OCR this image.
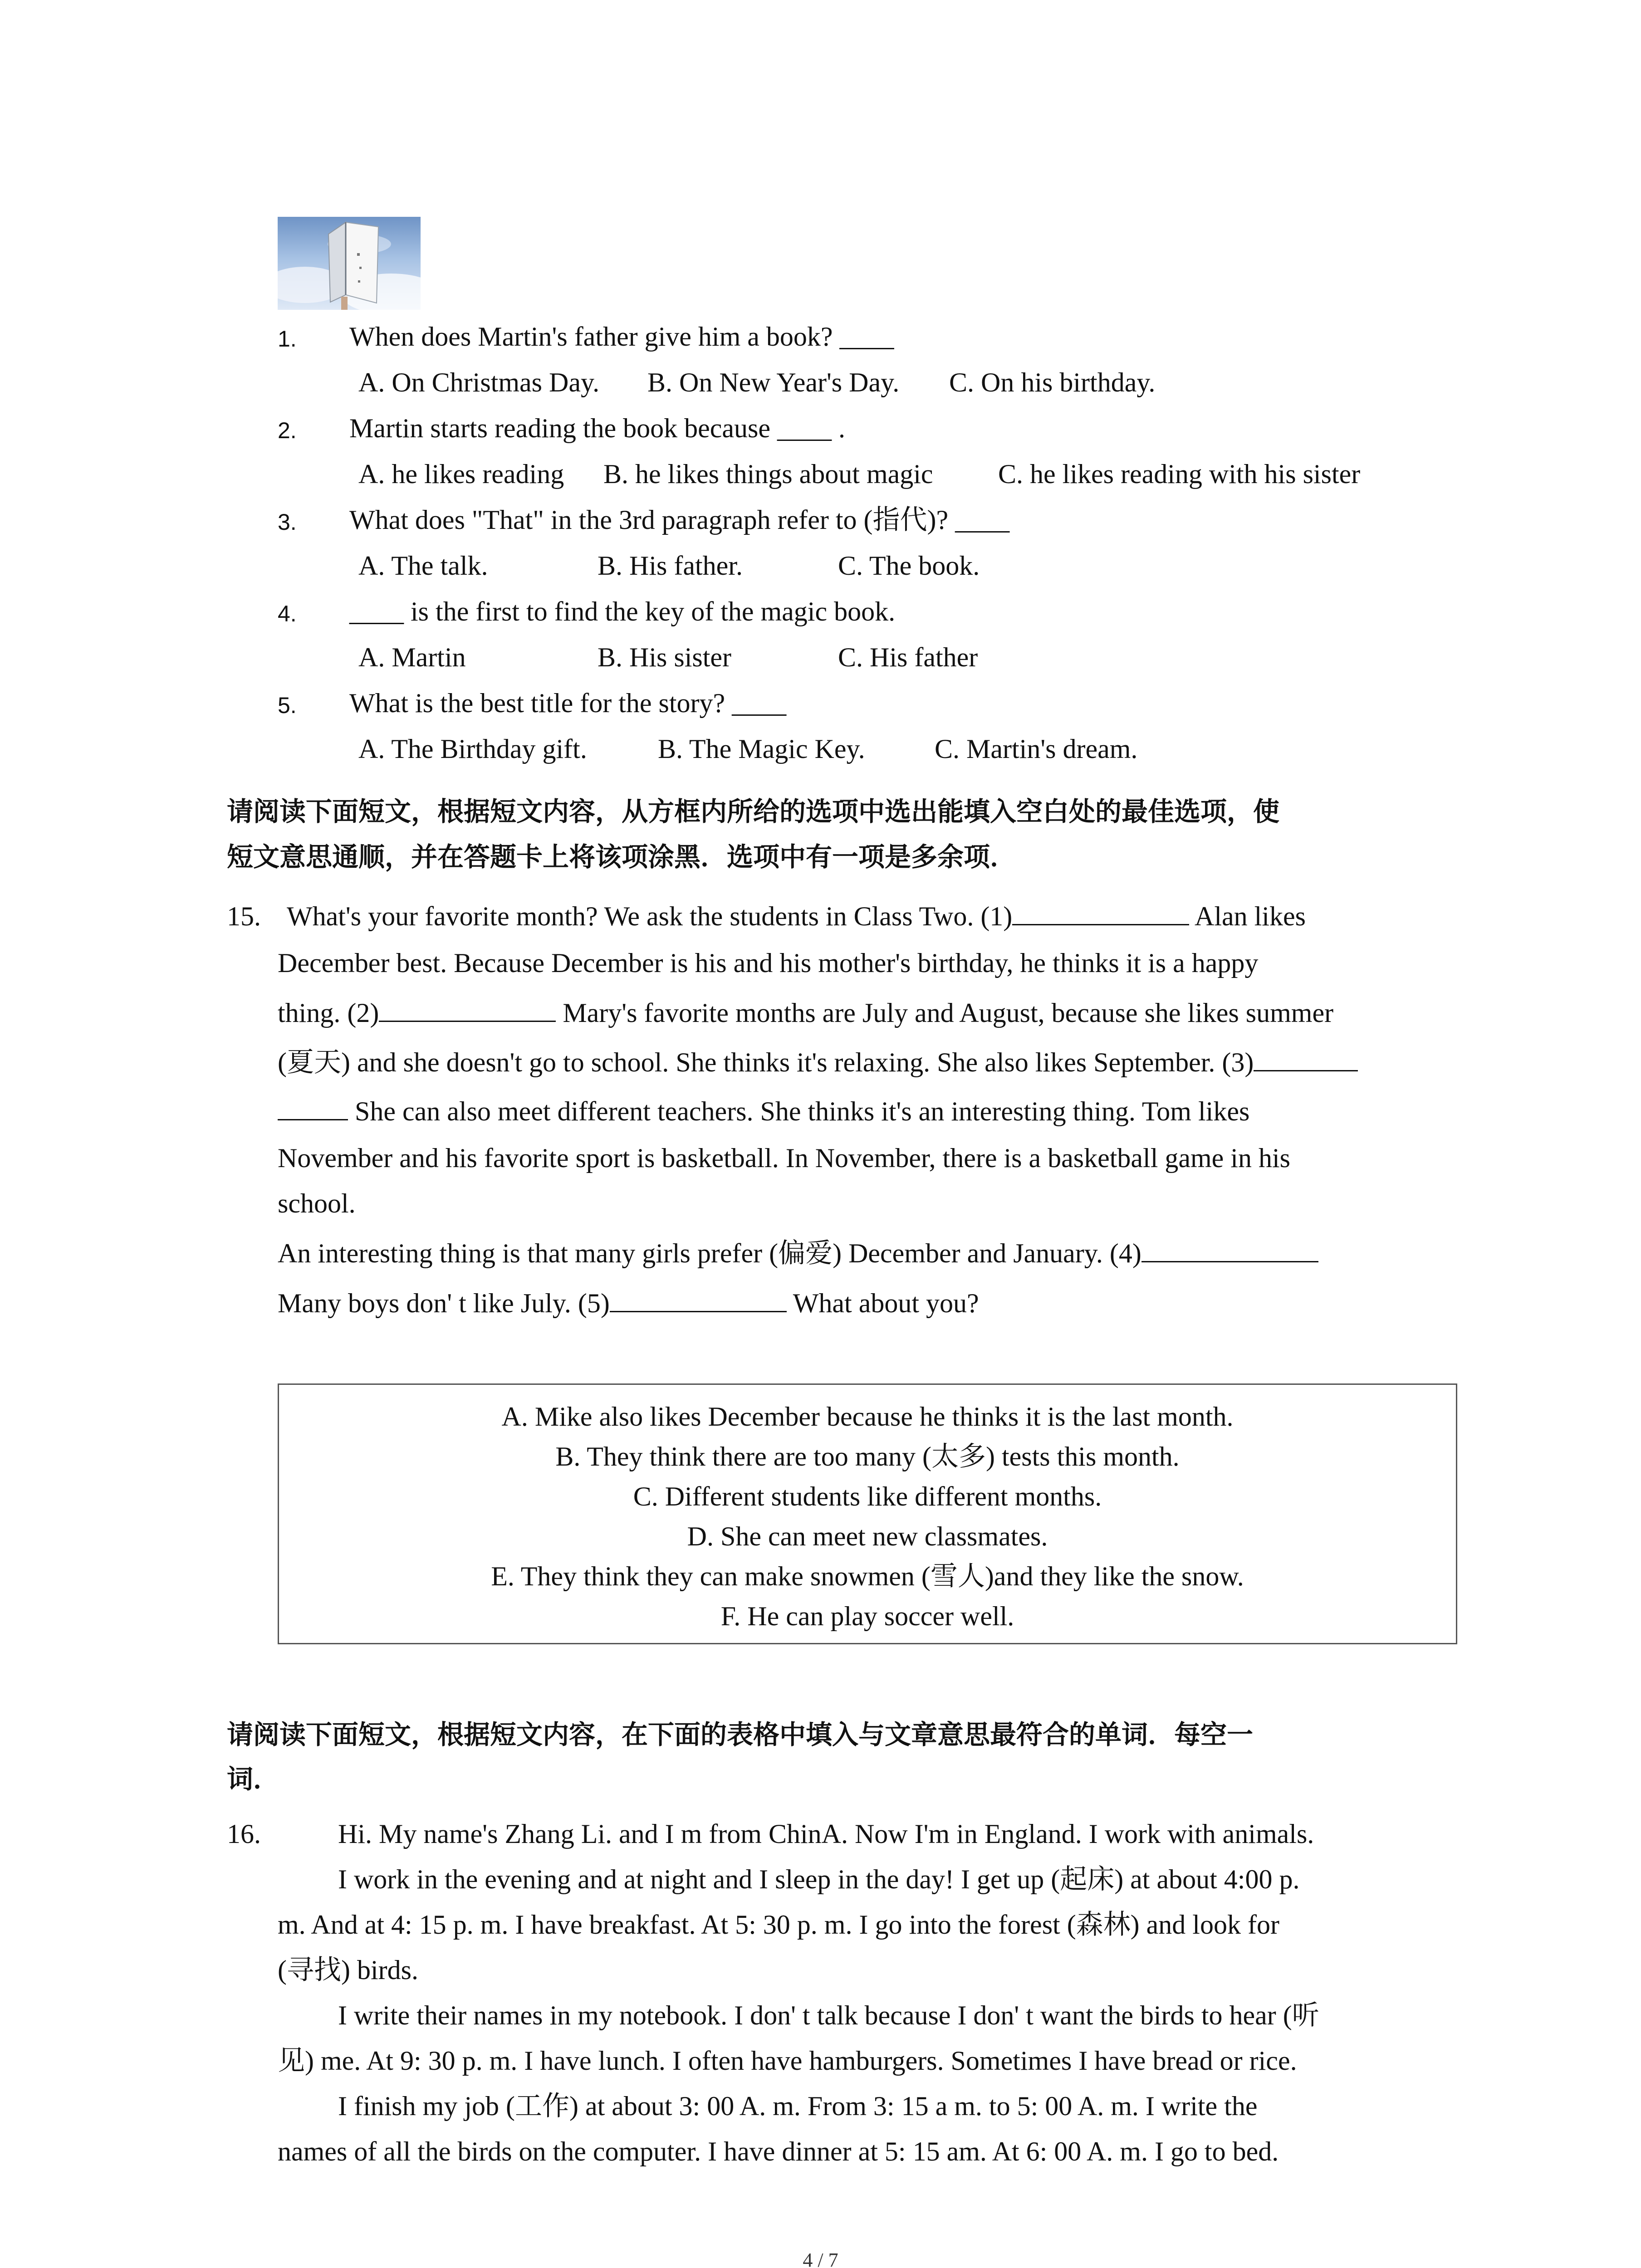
1. When does Martin's father give him a book? ____
A. On Christmas Day. B. On New Year's Day. C. On his birthday.
2. Martin starts reading the book because ____ .
A. he likes reading B. he likes things about magic C. he likes reading with his sister
3. What does "That" in the 3rd paragraph refer to (指代)? ____
A. The talk.	B. His father.	C. The book.
4. ____ is the first to find the key of the magic book.
A. Martin	B. His sister	C. His father
5. What is the best title for the story? ____
A. The Birthday gift.	B. The Magic Key.	C. Martin's dream.
请阅读下面短文，根据短文内容，从方框内所给的选项中选出能填入空白处的最佳选项，使
短文意思通顺，并在答题卡上将该项涂黑．选项中有一项是多余项．
15. What's your favorite month? We ask the students in Class Two. (1)	Alan likes
December best. Because December is his and his mother's birthday, he thinks it is a happy
thing. (2)	Mary's favorite months are July and August, because she likes summer
(夏天) and she doesn't go to school. She thinks it's relaxing. She also likes September. (3)
She can also meet different teachers. She thinks it's an interesting thing. Tom likes
November and his favorite sport is basketball. In November, there is a basketball game in his
school.
An interesting thing is that many girls prefer (偏爱) December and January. (4)
Many boys don' t like July. (5)	What about you?
A. Mike also likes December because he thinks it is the last month.
B. They think there are too many (太多) tests this month.
C. Different students like different months.
D. She can meet new classmates.
E. They think they can make snowmen (雪人)and they like the snow.
F. He can play soccer well.
请阅读下面短文，根据短文内容，在下面的表格中填入与文章意思最符合的单词．每空一
词．
16.	Hi. My name's Zhang Li. and I m from ChinA. Now I'm in England. I work with animals.
I work in the evening and at night and I sleep in the day! I get up (起床) at about 4:00 p.
m. And at 4: 15 p. m. I have breakfast. At 5: 30 p. m. I go into the forest (森林) and look for
(寻找) birds.
I write their names in my notebook. I don' t talk because I don' t want the birds to hear (听
见) me. At 9: 30 p. m. I have lunch. I often have hamburgers. Sometimes I have bread or rice.
I finish my job (工作) at about 3: 00 A. m. From 3: 15 a m. to 5: 00 A. m. I write the
names of all the birds on the computer. I have dinner at 5: 15 am. At 6: 00 A. m. I go to bed.
4 / 7
